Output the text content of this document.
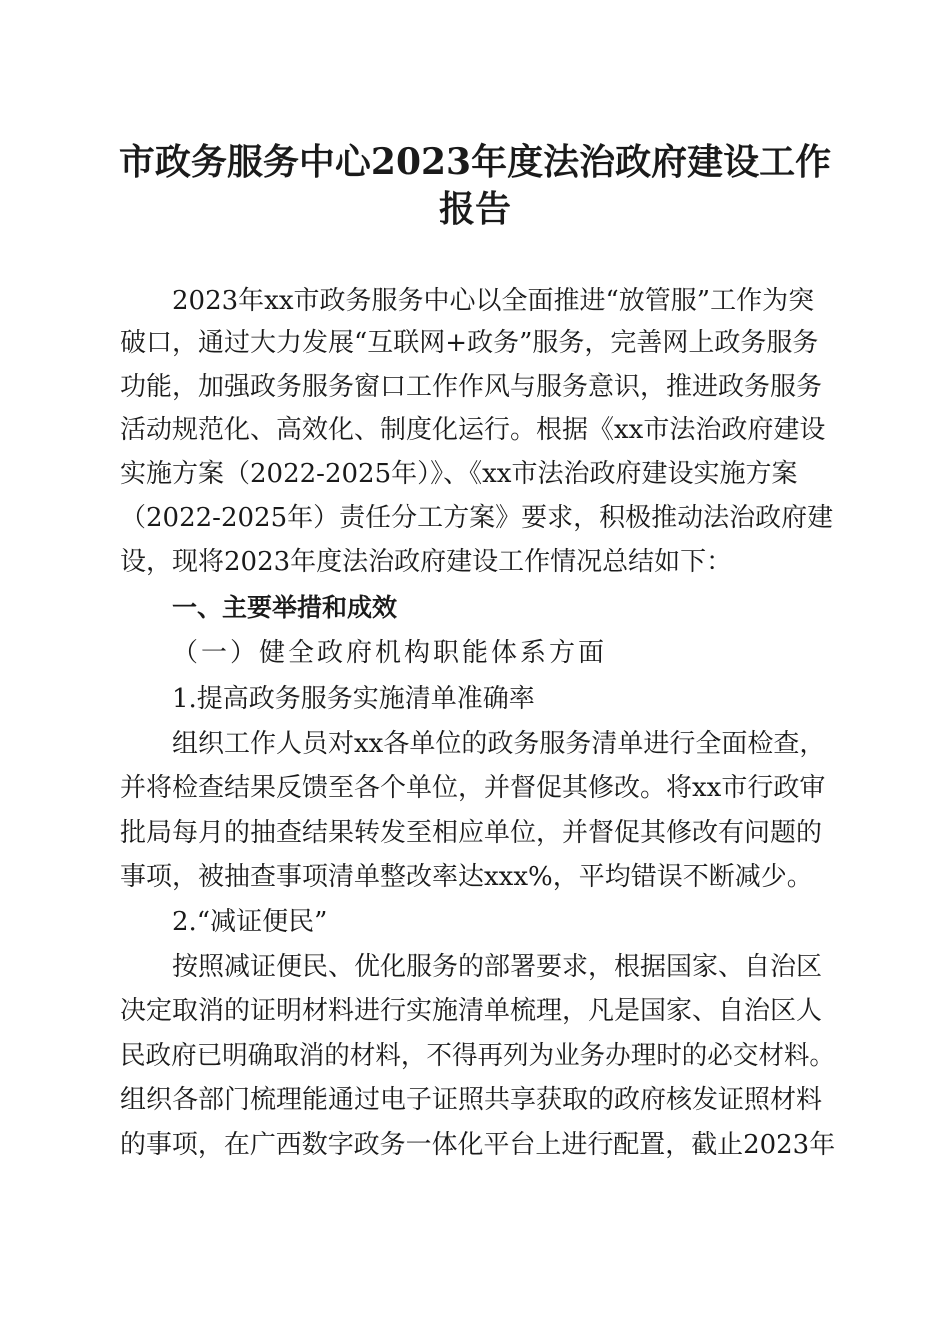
市政务服务中心2023年度法治政府建设工作
报告
2023年xx市政务服务中心以全面推进“放管服”工作为突
破口，通过大力发展“互联网+政务”服务，完善网上政务服务
功能，加强政务服务窗口工作作风与服务意识，推进政务服务
活动规范化、高效化、制度化运行。根据《xx市法治政府建设
实施方案（2022-2025年）》、《xx市法治政府建设实施方案
（2022-2025年）责任分工方案》要求，积极推动法治政府建
设，现将2023年度法治政府建设工作情况总结如下：
一、主要举措和成效
（一）健全政府机构职能体系方面
1.提高政务服务实施清单准确率
组织工作人员对xx各单位的政务服务清单进行全面检查，
并将检查结果反馈至各个单位，并督促其修改。将xx市行政审
批局每月的抽查结果转发至相应单位，并督促其修改有问题的
事项，被抽查事项清单整改率达xxx%，平均错误不断减少。
2.“减证便民”
按照减证便民、优化服务的部署要求，根据国家、自治区
决定取消的证明材料进行实施清单梳理，凡是国家、自治区人
民政府已明确取消的材料，不得再列为业务办理时的必交材料。
组织各部门梳理能通过电子证照共享获取的政府核发证照材料
的事项，在广西数字政务一体化平台上进行配置，截止2023年
